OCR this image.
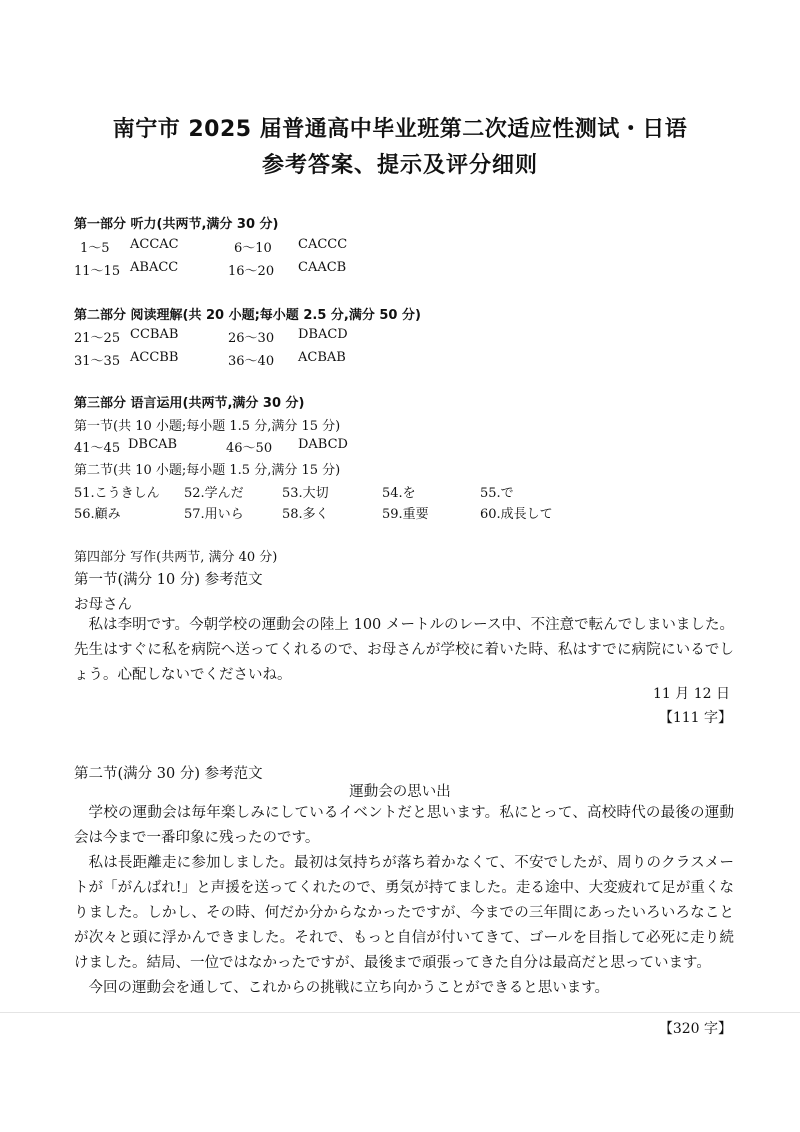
南宁市 2025 届普通高中毕业班第二次适应性测试・日语
参考答案、提示及评分细则
第一部分 听力(共两节,满分 30 分)
1～5 ACCAC	6～10 CACCC
11～15 ABACC	16～20 CAACB
第二部分 阅读理解(共 20 小题;每小题 2.5 分,满分 50 分)
21～25 CCBAB	26～30 DBACD
31～35 ACCBB	36～40 ACBAB
第三部分 语言运用(共两节,满分 30 分)
第一节(共 10 小题;每小题 1.5 分,满分 15 分)
41～45 DBCAB	46～50 DABCD
第二节(共 10 小题;每小题 1.5 分,满分 15 分)
51.こうきしん 52.学んだ	53.大切	54.を	55.で
56.顧み	57.用いら	58.多く	59.重要	60.成長して
第四部分 写作(共两节, 满分 40 分)
第一节(满分 10 分) 参考范文
お母さん

私は李明です。今朝学校の運動会の陸上 100 メートルのレース中、不注意で転んでしまいました。先生はすぐに私を病院へ送ってくれるので、お母さんが学校に着いた時、私はすでに病院にいるでしょう。心配しないでくださいね。

11 月 12 日
【111 字】
第二节(满分 30 分) 参考范文
運動会の思い出

学校の運動会は毎年楽しみにしているイベントだと思います。私にとって、高校時代の最後の運動会は今まで一番印象に残ったのです。

私は長距離走に参加しました。最初は気持ちが落ち着かなくて、不安でしたが、周りのクラスメートが「がんばれ!」と声援を送ってくれたので、勇気が持てました。走る途中、大変疲れて足が重くなりました。しかし、その時、何だか分からなかったですが、今までの三年間にあったいろいろなことが次々と頭に浮かんできました。それで、もっと自信が付いてきて、ゴールを目指して必死に走り続けました。結局、一位ではなかったですが、最後まで頑張ってきた自分は最高だと思っています。

今回の運動会を通して、これからの挑戦に立ち向かうことができると思います。

【320 字】
